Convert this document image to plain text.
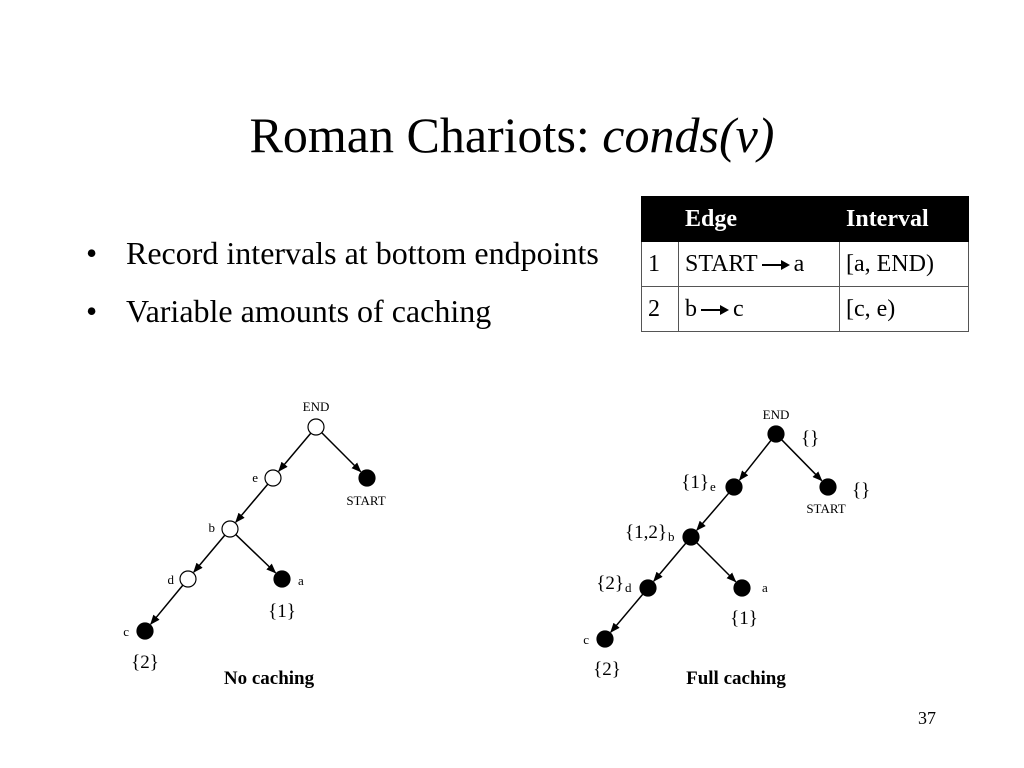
Roman Chariots: conds(v)
• Record intervals at bottom endpoints
• Variable amounts of caching
	Edge	Interval
1	START a	[a, END)
2	b c	[c, e)
END
START
e
b
d	a
{1}
c
{2}
END
{}
START
{}
e
{1}
b
{1,2}
d
{2}	a
{1}
c
{2}
No caching	Full caching
37
